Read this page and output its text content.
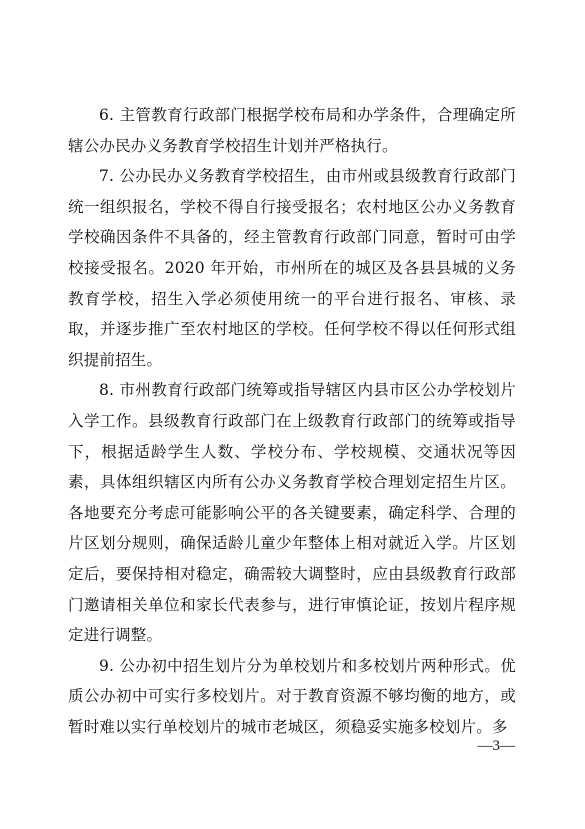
6. 主管教育行政部门根据学校布局和办学条件，合理确定所辖公办民办义务教育学校招生计划并严格执行。

7. 公办民办义务教育学校招生，由市州或县级教育行政部门统一组织报名，学校不得自行接受报名；农村地区公办义务教育学校确因条件不具备的，经主管教育行政部门同意，暂时可由学校接受报名。2020 年开始，市州所在的城区及各县县城的义务教育学校，招生入学必须使用统一的平台进行报名、审核、录取，并逐步推广至农村地区的学校。任何学校不得以任何形式组织提前招生。

8. 市州教育行政部门统筹或指导辖区内县市区公办学校划片入学工作。县级教育行政部门在上级教育行政部门的统筹或指导下，根据适龄学生人数、学校分布、学校规模、交通状况等因素，具体组织辖区内所有公办义务教育学校合理划定招生片区。各地要充分考虑可能影响公平的各关键要素，确定科学、合理的片区划分规则，确保适龄儿童少年整体上相对就近入学。片区划定后，要保持相对稳定，确需较大调整时，应由县级教育行政部门邀请相关单位和家长代表参与，进行审慎论证，按划片程序规定进行调整。

9. 公办初中招生划片分为单校划片和多校划片两种形式。优质公办初中可实行多校划片。对于教育资源不够均衡的地方，或暂时难以实行单校划片的城市老城区，须稳妥实施多校划片。多

—3—
